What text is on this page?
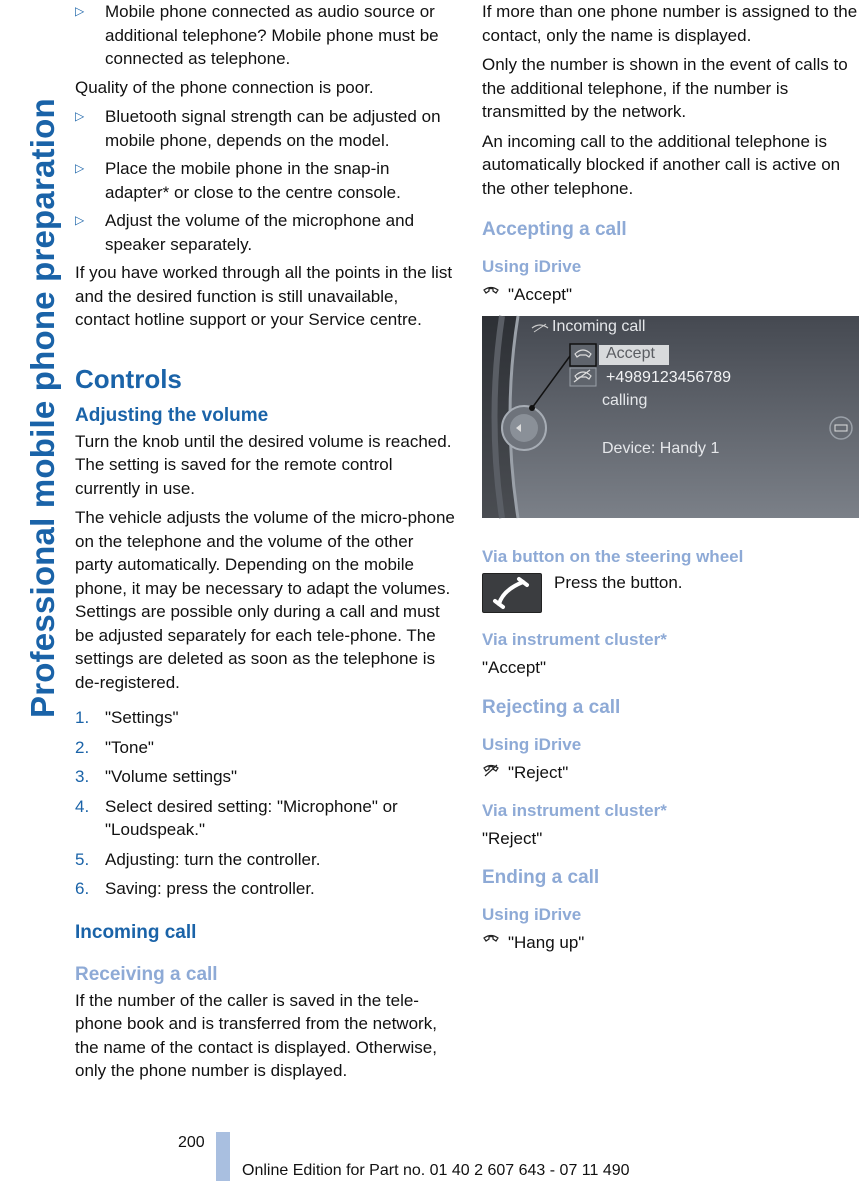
Professional mobile phone preparation
▷ Mobile phone connected as audio source or additional telephone? Mobile phone must be connected as telephone.

Quality of the phone connection is poor.

▷ Bluetooth signal strength can be adjusted on mobile phone, depends on the model.
▷ Place the mobile phone in the snap-in adapter* or close to the centre console.
▷ Adjust the volume of the microphone and speaker separately.

If you have worked through all the points in the list and the desired function is still unavailable, contact hotline support or your Service centre.

Controls
Adjusting the volume

Turn the knob until the desired volume is reached. The setting is saved for the remote control currently in use.

The vehicle adjusts the volume of the micro-phone on the telephone and the volume of the other party automatically. Depending on the mobile phone, it may be necessary to adapt the volumes. Settings are possible only during a call and must be adjusted separately for each tele-phone. The settings are deleted as soon as the telephone is de-registered.

1. "Settings"
2. "Tone"
3. "Volume settings"
4. Select desired setting: "Microphone" or "Loudspeak."
5. Adjusting: turn the controller.
6. Saving: press the controller.
Incoming call
Receiving a call

If the number of the caller is saved in the tele-phone book and is transferred from the network, the name of the contact is displayed. Otherwise, only the phone number is displayed.

If more than one phone number is assigned to the contact, only the name is displayed.

Only the number is shown in the event of calls to the additional telephone, if the number is transmitted by the network.

An incoming call to the additional telephone is automatically blocked if another call is active on the other telephone.

Accepting a call
Using iDrive
"Accept"
Incoming call
Accept
+4989123456789
calling
Device: Handy 1
Via button on the steering wheel
Press the button.
Via instrument cluster*

"Accept"

Rejecting a call
Using iDrive
"Reject"
Via instrument cluster*

"Reject"

Ending a call
Using iDrive
"Hang up"
200
Online Edition for Part no. 01 40 2 607 643 - 07 11 490
